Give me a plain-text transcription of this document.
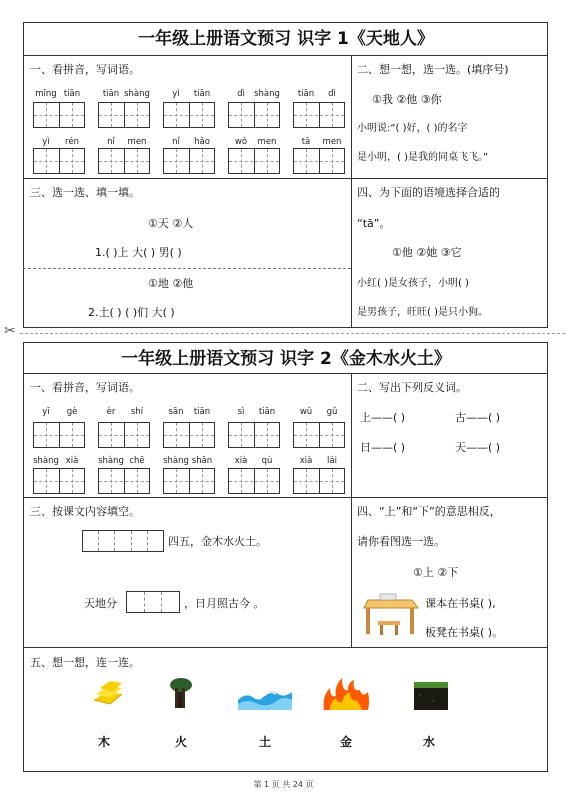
一年级上册语文预习 识字 1《天地人》
一、看拼音，写词语。
mīng tiān	tiān shàng	yì	tiān	dì	shàng	tiān	dì
yì	rén	nǐ	men	nǐ	hǎo	wǒ	men	tā	men
二、想一想，选一选。(填序号)
①我 ②他 ③你
小明说:“( )好，( )的名字
是小明，( )是我的同桌飞飞。”
三、选一选、填一填。
①天 ②人
1.( )上 大( ) 男( )
①地 ②他
2.土( ) ( )们 大( )
四、为下面的语境选择合适的
“tā”。
①他 ②她 ③它
小红( )是女孩子，小明( )
是男孩子，旺旺( )是只小狗。
✂
一年级上册语文预习 识字 2《金木水火土》
一、看拼音，写词语。
yī	gè	èr	shí	sān	tiān	sì	tiān	wǔ	gǔ
shàng xià	shàng chē	shàng shān	xià	qù	xià	lái
二、写出下列反义词。
上——( )	古——( )
日——( )	天——( )
三、按课文内容填空。
四五，金木水火土。
天地分	，日月照古今 。
四、“上”和“下”的意思相反，
请你看图选一选。
①上 ②下
课本在书桌( ),
板凳在书桌( )。
五、想一想，连一连。
木	火	土	金	水
第 1 页 共 24 页
